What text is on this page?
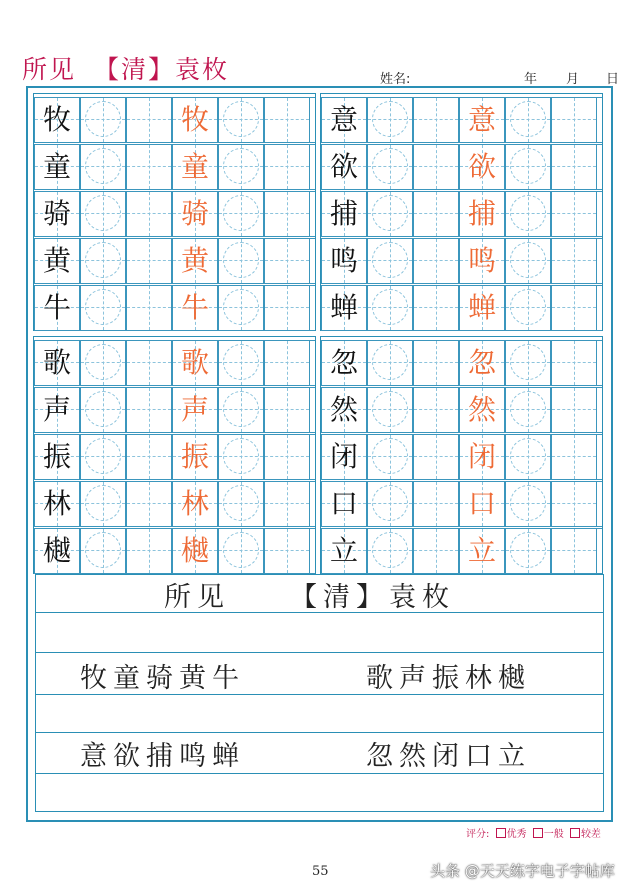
所见 【清】袁枚	姓名:	年 月 日
牧	牧
童	童
骑	骑
黄	黄
牛	牛
意	意
欲	欲
捕	捕
鸣	鸣
蝉	蝉
歌	歌
声	声
振	振
林	林
樾	樾
忽	忽
然	然
闭	闭
口	口
立	立
所见 【清】袁枚
牧童骑黄牛	歌声振林樾
意欲捕鸣蝉	忽然闭口立
评分: 优秀 一般 较差
55	头条 @天天练字电子字帖库
